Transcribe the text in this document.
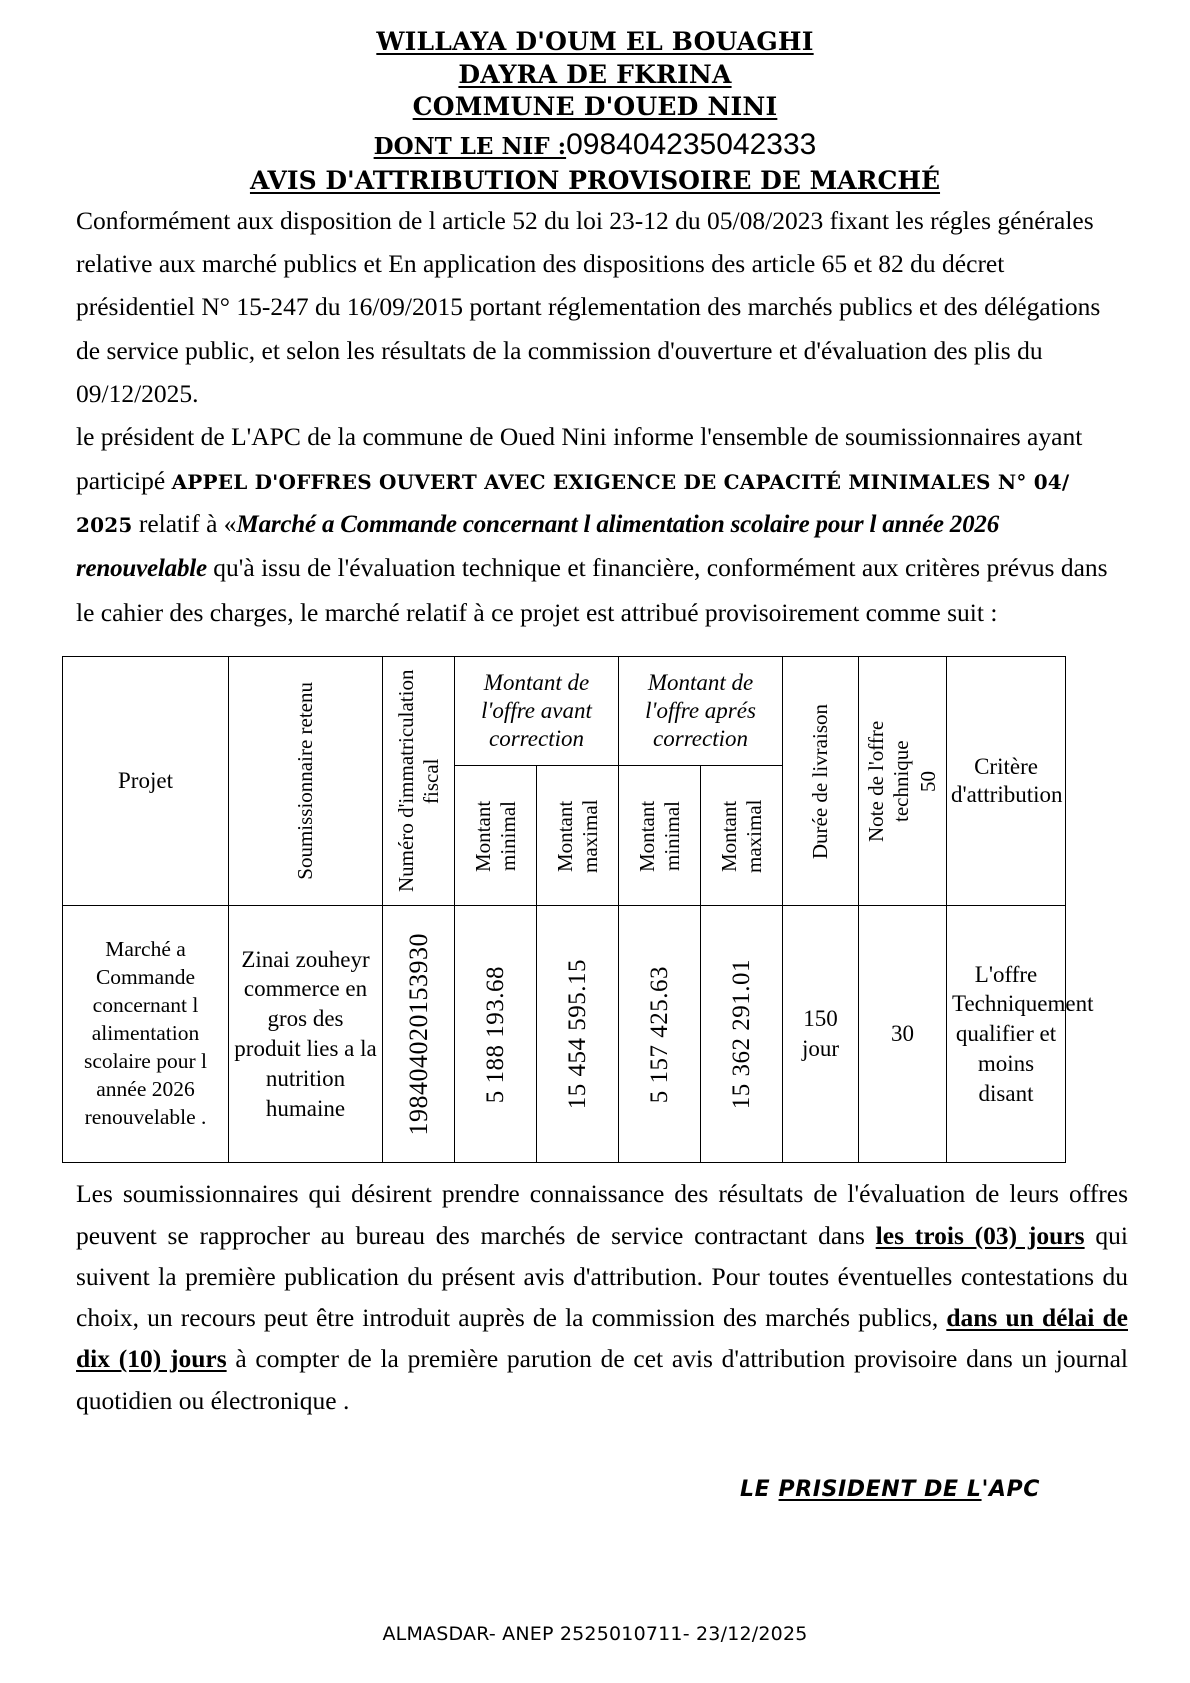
WILLAYA D'OUM EL BOUAGHI
DAYRA DE FKRINA
COMMUNE D'OUED NINI
DONT LE NIF :098404235042333
AVIS D'ATTRIBUTION PROVISOIRE DE MARCHÉ

Conformément aux disposition de l article 52 du loi 23-12 du 05/08/2023 fixant les régles générales relative aux marché publics et En application des dispositions des article 65 et 82 du décret présidentiel N° 15-247 du 16/09/2015 portant réglementation des marchés publics et des délégations de service public, et selon les résultats de la commission d'ouverture et d'évaluation des plis du 09/12/2025.

le président de L'APC de la commune de Oued Nini informe l'ensemble de soumissionnaires ayant participé APPEL D'OFFRES OUVERT AVEC EXIGENCE DE CAPACITÉ MINIMALES N° 04/ 2025 relatif à «Marché a Commande concernant l alimentation scolaire pour l année 2026 renouvelable qu'à issu de l'évaluation technique et financière, conformément aux critères prévus dans le cahier des charges, le marché relatif à ce projet est attribué provisoirement comme suit :

Projet	Soumissionnaire retenu	Numéro d'immatriculation fiscal	Montant de l'offre avant correction		Montant de l'offre aprés correction		Durée de livraison	Note de l'offre technique 50	Critère d'attribution

			Montant minimal	Montant maximal	Montant minimal	Montant maximal			

Marché a Commande concernant l alimentation scolaire pour l année 2026 renouvelable .	Zinai zouheyr commerce en gros des produit lies a la nutrition humaine	198404020153930	5 188 193.68	15 454 595.15	5 157 425.63	15 362 291.01	150 jour	30	L'offre Techniquement qualifier et moins disant

Les soumissionnaires qui désirent prendre connaissance des résultats de l'évaluation de leurs offres peuvent se rapprocher au bureau des marchés de service contractant dans les trois (03) jours qui suivent la première publication du présent avis d'attribution. Pour toutes éventuelles contestations du choix, un recours peut être introduit auprès de la commission des marchés publics, dans un délai de dix (10) jours à compter de la première parution de cet avis d'attribution provisoire dans un journal quotidien ou électronique .

LE PRISIDENT DE L'APC
ALMASDAR- ANEP 2525010711- 23/12/2025
